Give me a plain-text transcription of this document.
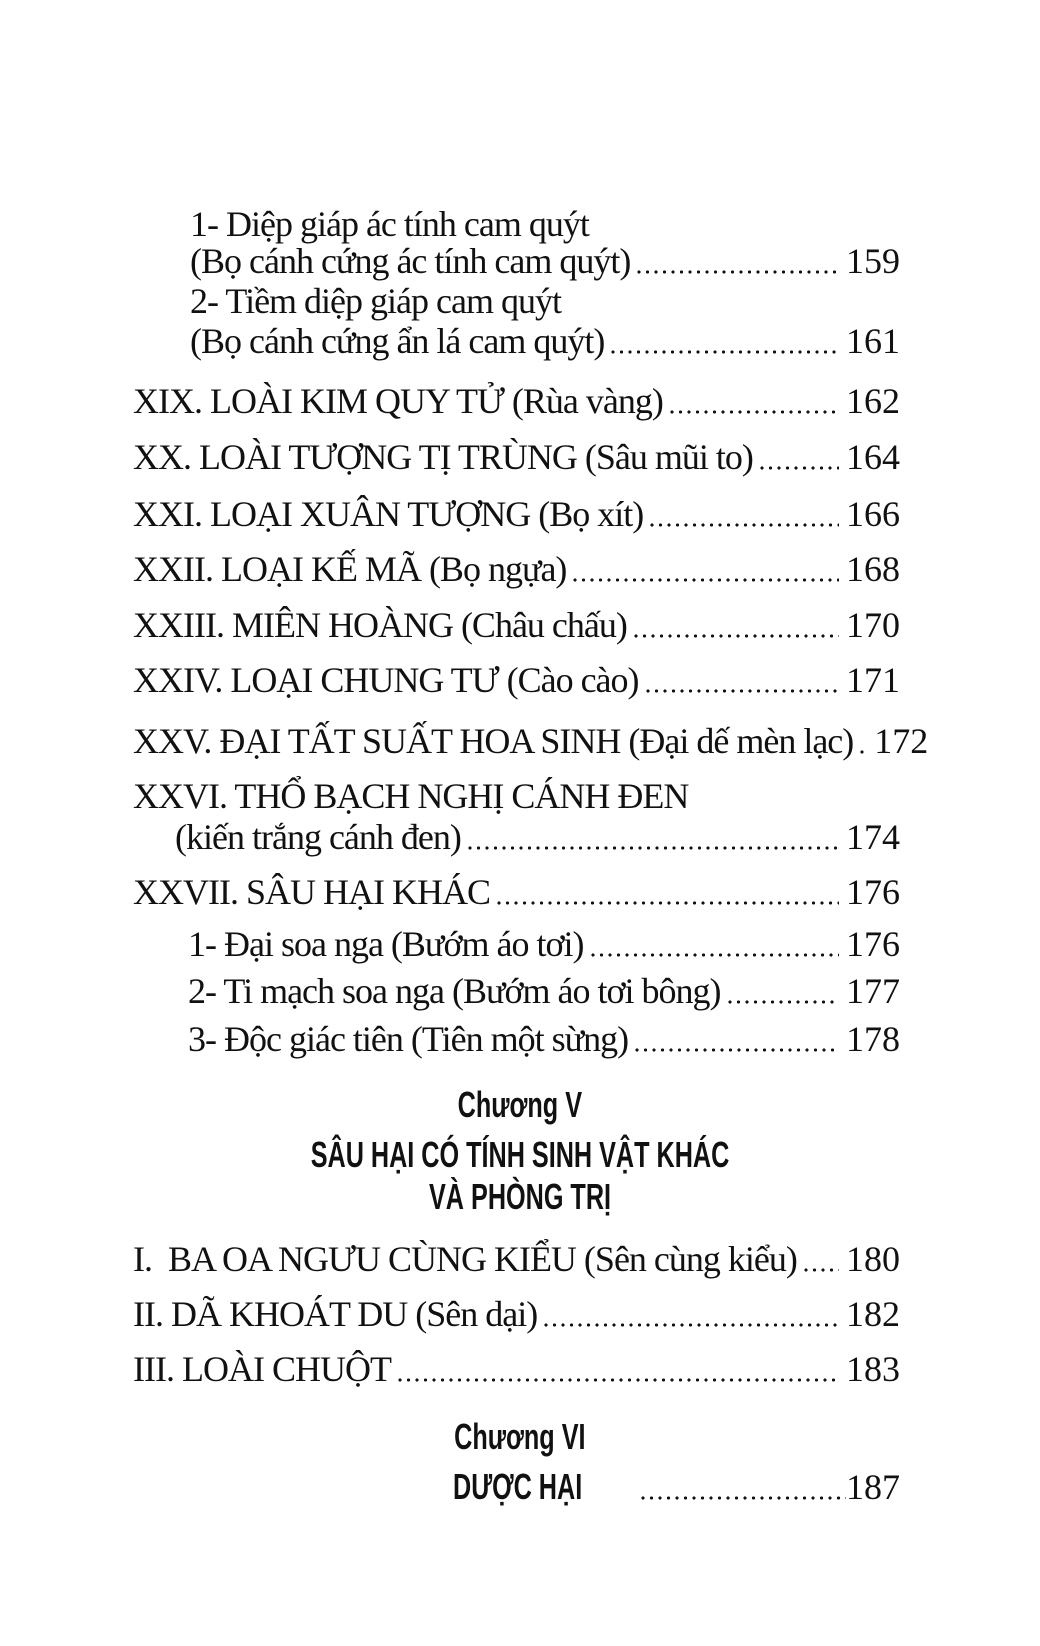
1- Diệp giáp ác tính cam quýt
(Bọ cánh cứng ác tính cam quýt)	159
2- Tiềm diệp giáp cam quýt
(Bọ cánh cứng ẩn lá cam quýt)	161
XIX. LOÀI KIM QUY TỬ (Rùa vàng)	162
XX. LOÀI TƯỢNG TỊ TRÙNG (Sâu mũi to)	164
XXI. LOẠI XUÂN TƯỢNG (Bọ xít)	166
XXII. LOẠI KẾ MÃ (Bọ ngựa)	168
XXIII. MIÊN HOÀNG (Châu chấu)	170
XXIV. LOẠI CHUNG TƯ (Cào cào)	171
XXV. ĐẠI TẤT SUẤT HOA SINH (Đại dế mèn lạc) 172
XXVI. THỔ BẠCH NGHỊ CÁNH ĐEN
(kiến trắng cánh đen)	174
XXVII. SÂU HẠI KHÁC	176
1- Đại soa nga (Bướm áo tơi)	176
2- Ti mạch soa nga (Bướm áo tơi bông)	177
3- Độc giác tiên (Tiên một sừng)	178
Chương V
SÂU HẠI CÓ TÍNH SINH VẬT KHÁC
VÀ PHÒNG TRỊ
I.  BA OA NGƯU CÙNG KIỂU (Sên cùng kiểu) 180
II. DÃ KHOÁT DU (Sên dại)	182
III. LOÀI CHUỘT	183
Chương VI
DƯỢC HẠI	187
